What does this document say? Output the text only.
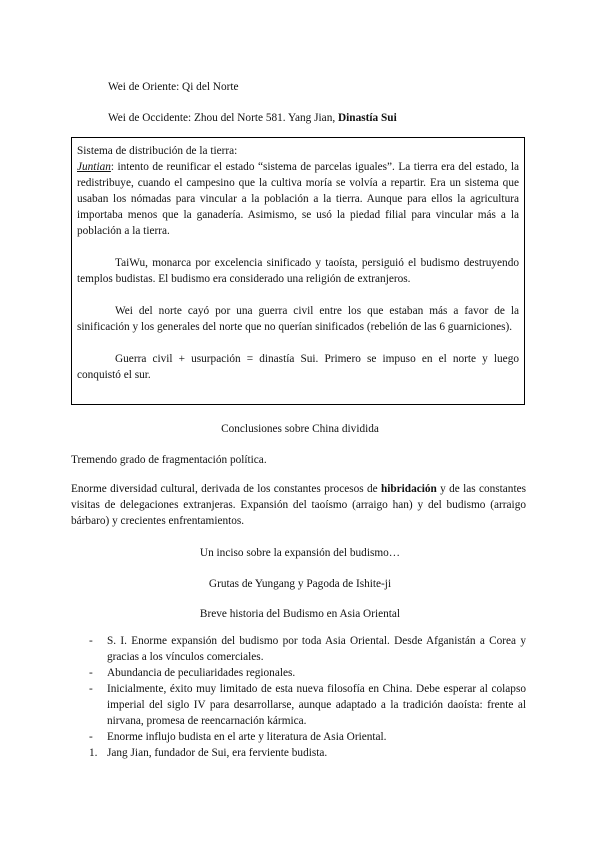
Wei de Oriente: Qi del Norte
Wei de Occidente: Zhou del Norte 581. Yang Jian, Dinastía Sui

Sistema de distribución de la tierra:

Juntian: intento de reunificar el estado “sistema de parcelas iguales”. La tierra era del estado, la redistribuye, cuando el campesino que la cultiva moría se volvía a repartir. Era un sistema que usaban los nómadas para vincular a la población a la tierra. Aunque para ellos la agricultura importaba menos que la ganadería. Asimismo, se usó la piedad filial para vincular más a la población a la tierra.

TaiWu, monarca por excelencia sinificado y taoísta, persiguió el budismo destruyendo templos budistas. El budismo era considerado una religión de extranjeros.

Wei del norte cayó por una guerra civil entre los que estaban más a favor de la sinificación y los generales del norte que no querían sinificados (rebelión de las 6 guarniciones).

Guerra civil + usurpación = dinastía Sui. Primero se impuso en el norte y luego conquistó el sur.

Conclusiones sobre China dividida
Tremendo grado de fragmentación política.
Enorme diversidad cultural, derivada de los constantes procesos de hibridación y de las constantes visitas de delegaciones extranjeras. Expansión del taoísmo (arraigo han) y del budismo (arraigo bárbaro) y crecientes enfrentamientos.
Un inciso sobre la expansión del budismo…
Grutas de Yungang y Pagoda de Ishite-ji
Breve historia del Budismo en Asia Oriental
- S. I. Enorme expansión del budismo por toda Asia Oriental. Desde Afganistán a Corea y gracias a los vínculos comerciales.
- Abundancia de peculiaridades regionales.
- Inicialmente, éxito muy limitado de esta nueva filosofía en China. Debe esperar al colapso imperial del siglo IV para desarrollarse, aunque adaptado a la tradición daoísta: frente al nirvana, promesa de reencarnación kármica.
- Enorme influjo budista en el arte y literatura de Asia Oriental.
1. Jang Jian, fundador de Sui, era ferviente budista.
